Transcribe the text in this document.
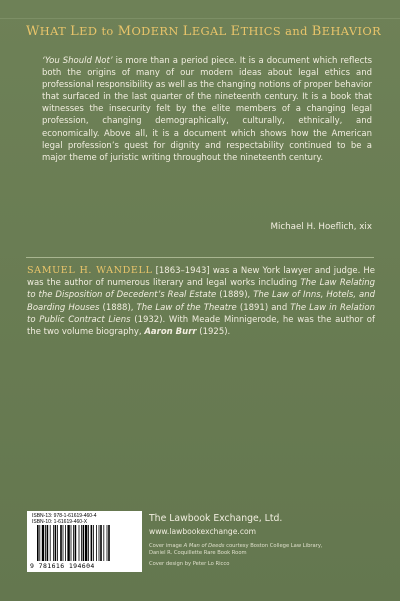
WHAT LED to MODERN LEGAL ETHICS and BEHAVIOR
‘You Should Not’ is more than a period piece. It is a document which reflects both the origins of many of our modern ideas about legal ethics and professional responsibility as well as the changing notions of proper behavior that surfaced in the last quarter of the nineteenth century. It is a book that witnesses the insecurity felt by the elite members of a changing legal profession, changing demographically, culturally, ethnically, and economically. Above all, it is a document which shows how the American legal profession’s quest for dignity and respectability continued to be a major theme of juristic writing throughout the nineteenth century.
Michael H. Hoeflich, xix
SAMUEL H. WANDELL [1863–1943] was a New York lawyer and judge. He was the author of numerous literary and legal works including The Law Relating to the Disposition of Decedent’s Real Estate (1889), The Law of Inns, Hotels, and Boarding Houses (1888), The Law of the Theatre (1891) and The Law in Relation to Public Contract Liens (1932). With Meade Minnigerode, he was the author of the two volume biography, Aaron Burr (1925).
ISBN-13: 978-1-61619-460-4
ISBN-10: 1-61619-460-X
9 781616 194604
The Lawbook Exchange, Ltd.
www.lawbookexchange.com
Cover image A Man of Deeds courtesy Boston College Law Library,
Daniel R. Coquillette Rare Book Room
Cover design by Peter Lo Ricco
